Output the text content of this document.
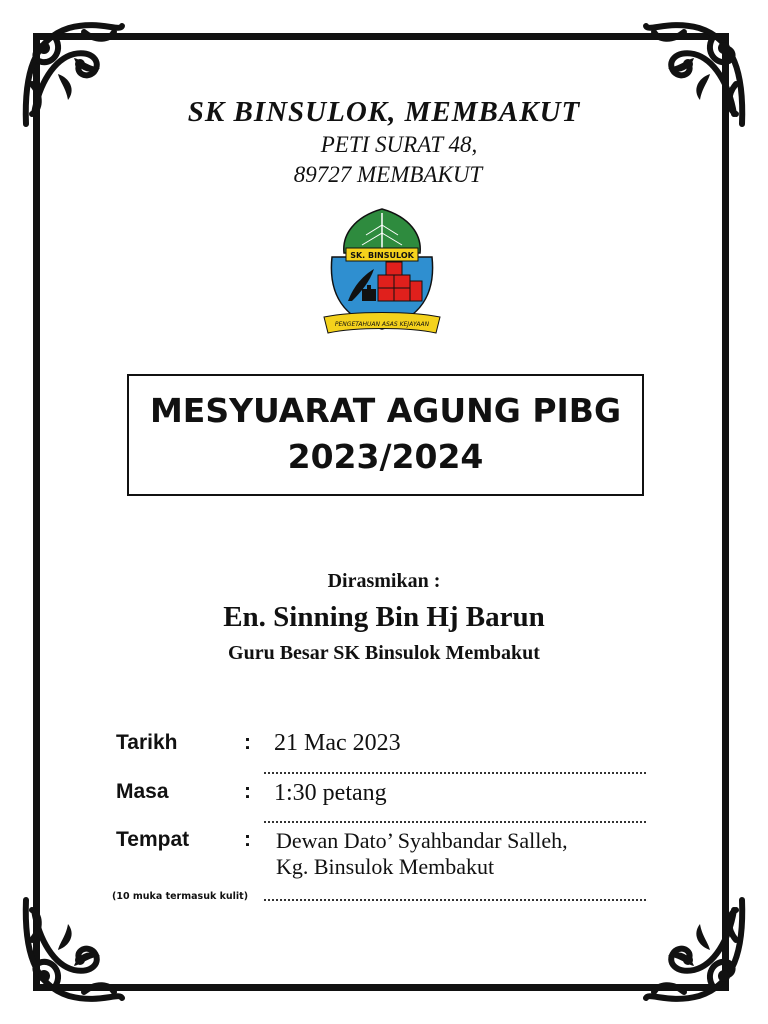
SK BINSULOK, MEMBAKUT
PETI SURAT 48,
89727 MEMBAKUT
SK. BINSULOK
PENGETAHUAN ASAS KEJAYAAN
MESYUARAT AGUNG PIBG
2023/2024
Dirasmikan :
En. Sinning Bin Hj Barun
Guru Besar SK Binsulok Membakut
Tarikh	: 21 Mac 2023
Masa	: 1:30 petang
Tempat	: Dewan Dato’ Syahbandar Salleh,
Kg. Binsulok Membakut
(10 muka termasuk kulit)
